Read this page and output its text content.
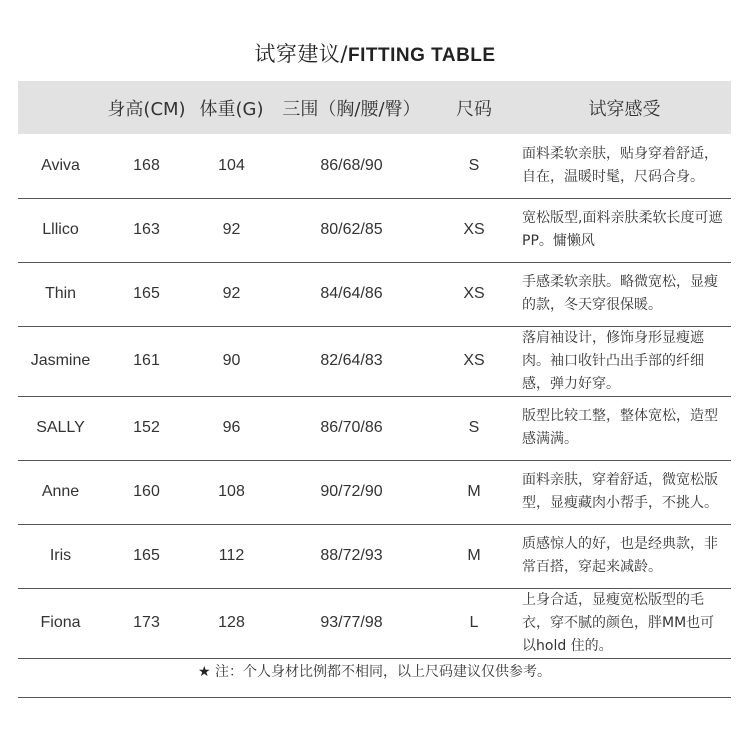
试穿建议/FITTING TABLE
	身高(CM)	体重(G)	三围（胸/腰/臀）	尺码	试穿感受
Aviva	168	104	86/68/90	S	面料柔软亲肤，贴身穿着舒适，自在，温暖时髦，尺码合身。
Lllico	163	92	80/62/85	XS	宽松版型,面料亲肤柔软长度可遮PP。慵懒风
Thin	165	92	84/64/86	XS	手感柔软亲肤。略微宽松，显瘦的款，冬天穿很保暖。
Jasmine	161	90	82/64/83	XS	落肩袖设计，修饰身形显瘦遮肉。袖口收针凸出手部的纤细感，弹力好穿。
SALLY	152	96	86/70/86	S	版型比较工整，整体宽松，造型感满满。
Anne	160	108	90/72/90	M	面料亲肤，穿着舒适，微宽松版型，显瘦藏肉小帮手，不挑人。
Iris	165	112	88/72/93	M	质感惊人的好，也是经典款，非常百搭，穿起来减龄。
Fiona	173	128	93/77/98	L	上身合适，显瘦宽松版型的毛衣，穿不腻的颜色，胖MM也可以hold 住的。
★ 注：个人身材比例都不相同，以上尺码建议仅供参考。
